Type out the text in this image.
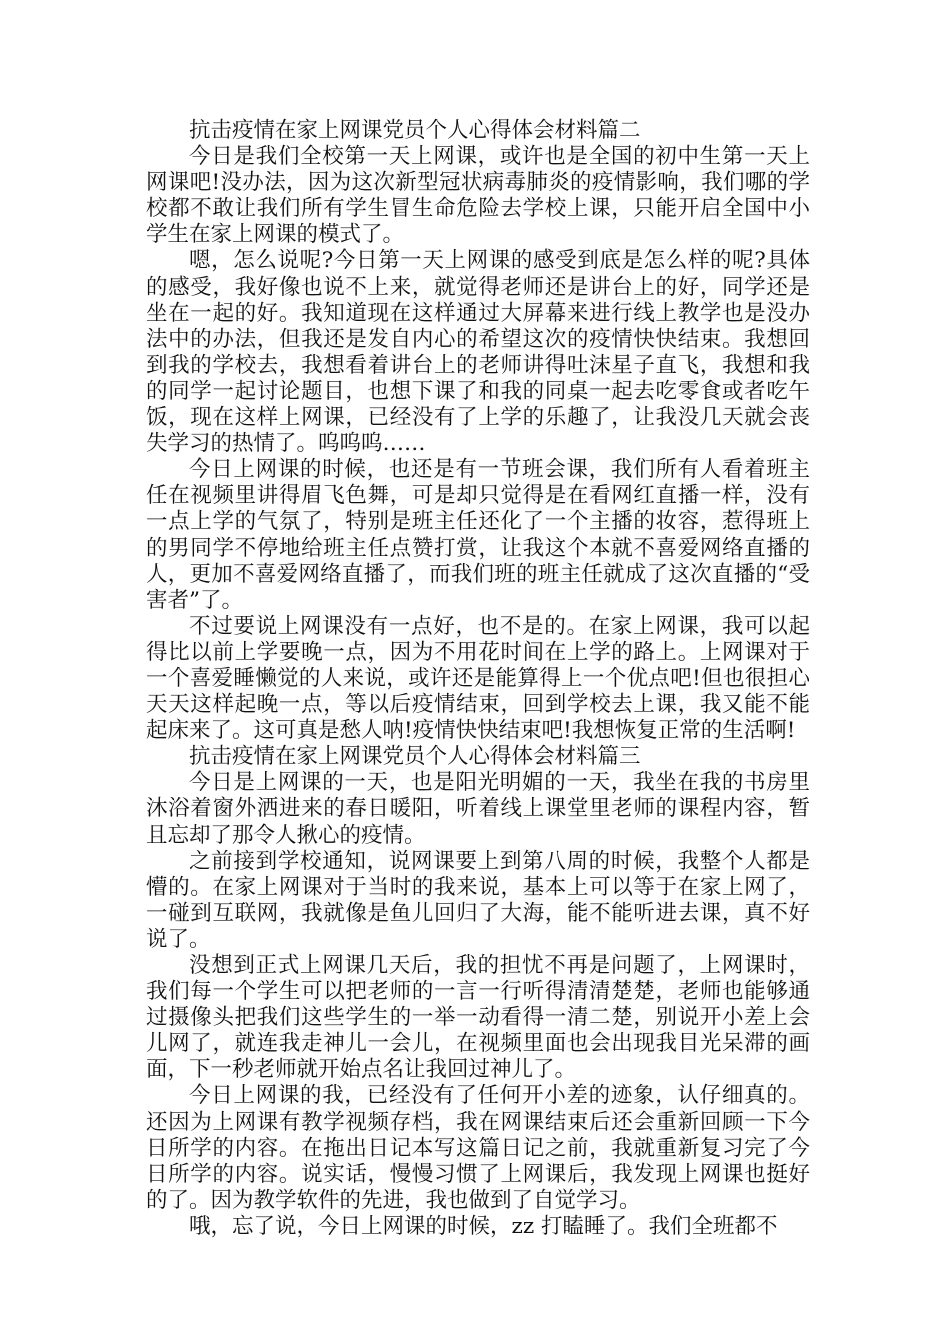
抗击疫情在家上网课党员个人心得体会材料篇二

今日是我们全校第一天上网课，或许也是全国的初中生第一天上网课吧!没办法，因为这次新型冠状病毒肺炎的疫情影响，我们哪的学校都不敢让我们所有学生冒生命危险去学校上课，只能开启全国中小学生在家上网课的模式了。

嗯，怎么说呢?今日第一天上网课的感受到底是怎么样的呢?具体的感受，我好像也说不上来，就觉得老师还是讲台上的好，同学还是坐在一起的好。我知道现在这样通过大屏幕来进行线上教学也是没办法中的办法，但我还是发自内心的希望这次的疫情快快结束。我想回到我的学校去，我想看着讲台上的老师讲得吐沫星子直飞，我想和我的同学一起讨论题目，也想下课了和我的同桌一起去吃零食或者吃午饭，现在这样上网课，已经没有了上学的乐趣了，让我没几天就会丧失学习的热情了。呜呜呜……

今日上网课的时候，也还是有一节班会课，我们所有人看着班主任在视频里讲得眉飞色舞，可是却只觉得是在看网红直播一样，没有一点上学的气氛了，特别是班主任还化了一个主播的妆容，惹得班上的男同学不停地给班主任点赞打赏，让我这个本就不喜爱网络直播的人，更加不喜爱网络直播了，而我们班的班主任就成了这次直播的“受害者”了。

不过要说上网课没有一点好，也不是的。在家上网课，我可以起得比以前上学要晚一点，因为不用花时间在上学的路上。上网课对于一个喜爱睡懒觉的人来说，或许还是能算得上一个优点吧!但也很担心天天这样起晚一点，等以后疫情结束，回到学校去上课，我又能不能起床来了。这可真是愁人呐!疫情快快结束吧!我想恢复正常的生活啊!

抗击疫情在家上网课党员个人心得体会材料篇三

今日是上网课的一天，也是阳光明媚的一天，我坐在我的书房里沐浴着窗外洒进来的春日暖阳，听着线上课堂里老师的课程内容，暂且忘却了那令人揪心的疫情。

之前接到学校通知，说网课要上到第八周的时候，我整个人都是懵的。在家上网课对于当时的我来说，基本上可以等于在家上网了，一碰到互联网，我就像是鱼儿回归了大海，能不能听进去课，真不好说了。

没想到正式上网课几天后，我的担忧不再是问题了，上网课时，我们每一个学生可以把老师的一言一行听得清清楚楚，老师也能够通过摄像头把我们这些学生的一举一动看得一清二楚，别说开小差上会儿网了，就连我走神儿一会儿，在视频里面也会出现我目光呆滞的画面，下一秒老师就开始点名让我回过神儿了。

今日上网课的我，已经没有了任何开小差的迹象，认仔细真的。还因为上网课有教学视频存档，我在网课结束后还会重新回顾一下今日所学的内容。在拖出日记本写这篇日记之前，我就重新复习完了今日所学的内容。说实话，慢慢习惯了上网课后，我发现上网课也挺好的了。因为教学软件的先进，我也做到了自觉学习。

哦，忘了说，今日上网课的时候，zz 打瞌睡了。我们全班都不
